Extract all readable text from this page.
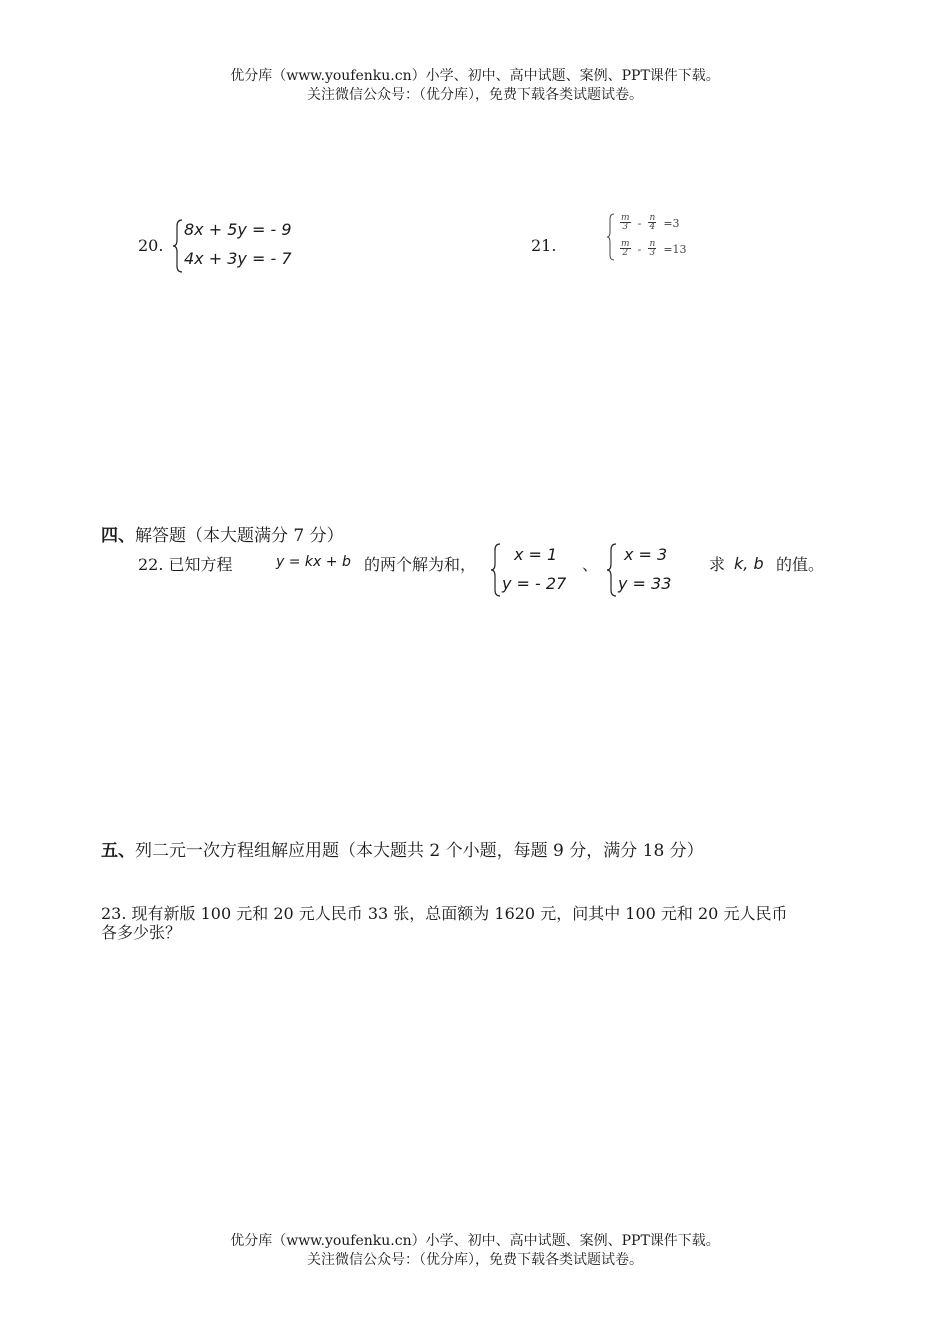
优分库（www.youfenku.cn）小学、初中、高中试题、案例、PPT课件下载。
关注微信公众号：（优分库），免费下载各类试题试卷。
20.
8x + 5y = - 9
4x + 3y = - 7
21.
$\frac{m}{3} - \frac{n}{4} =3$
$\frac{m}{2} - \frac{n}{3} =13$
四、解答题（本大题满分 7 分）
22. 已知方程	y = kx + b 的两个解为和，
x = 1
y = - 27
、
x = 3
y = 33
求 k, b 的值。
五、列二元一次方程组解应用题（本大题共 2 个小题，每题 9 分，满分 18 分）
23. 现有新版 100 元和 20 元人民币 33 张，总面额为 1620 元，问其中 100 元和 20 元人民币
各多少张？
优分库（www.youfenku.cn）小学、初中、高中试题、案例、PPT课件下载。
关注微信公众号：（优分库），免费下载各类试题试卷。
